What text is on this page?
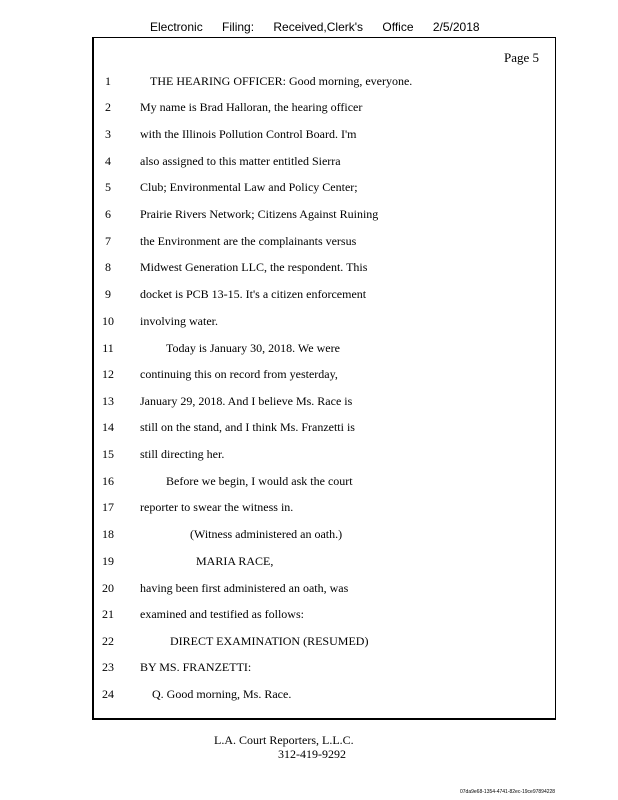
Electronic Filing: Received,Clerk's Office 2/5/2018
Page 5
1	THE HEARING OFFICER: Good morning, everyone.
2	My name is Brad Halloran, the hearing officer
3	with the Illinois Pollution Control Board. I'm
4	also assigned to this matter entitled Sierra
5	Club; Environmental Law and Policy Center;
6	Prairie Rivers Network; Citizens Against Ruining
7	the Environment are the complainants versus
8	Midwest Generation LLC, the respondent. This
9	docket is PCB 13-15. It's a citizen enforcement
10	involving water.
11	Today is January 30, 2018. We were
12	continuing this on record from yesterday,
13	January 29, 2018. And I believe Ms. Race is
14	still on the stand, and I think Ms. Franzetti is
15	still directing her.
16	Before we begin, I would ask the court
17	reporter to swear the witness in.
18	(Witness administered an oath.)
19	MARIA RACE,
20	having been first administered an oath, was
21	examined and testified as follows:
22	DIRECT EXAMINATION (RESUMED)
23	BY MS. FRANZETTI:
24	Q. Good morning, Ms. Race.
L.A. Court Reporters, L.L.C.
312-419-9292
07da9e68-1354-4741-82ec-19ce97894228
